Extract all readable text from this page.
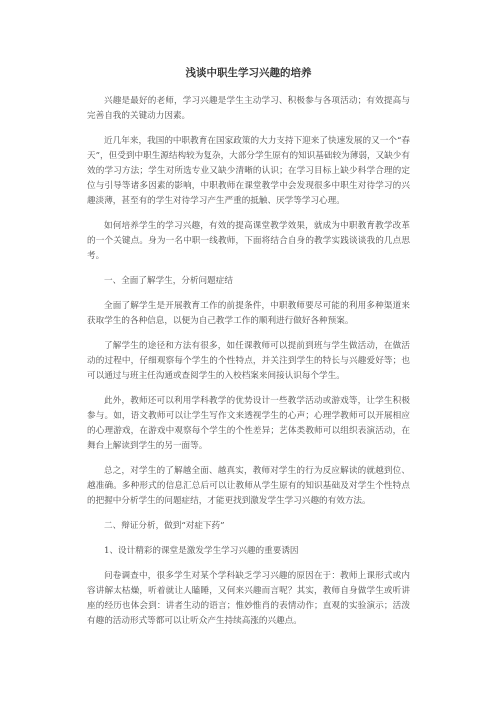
浅谈中职生学习兴趣的培养

兴趣是最好的老师，学习兴趣是学生主动学习、积极参与各项活动；有效提高与完善自我的关键动力因素。

近几年来，我国的中职教育在国家政策的大力支持下迎来了快速发展的又一个“春天”，但受到中职生源结构较为复杂，大部分学生原有的知识基础较为薄弱，又缺少有效的学习方法；学生对所选专业又缺少清晰的认识；在学习目标上缺少科学合理的定位与引导等诸多因素的影响，中职教师在课堂教学中会发现很多中职生对待学习的兴趣淡薄，甚至有的学生对待学习产生严重的抵触、厌学等学习心理。

如何培养学生的学习兴趣，有效的提高课堂教学效果，就成为中职教育教学改革的一个关键点。身为一名中职一线教师，下面将结合自身的教学实践谈谈我的几点思考。

一、全面了解学生，分析问题症结

全面了解学生是开展教育工作的前提条件，中职教师要尽可能的利用多种渠道来获取学生的各种信息，以便为自己教学工作的顺利进行做好各种预案。

了解学生的途径和方法有很多，如任课教师可以提前到班与学生做活动，在做活动的过程中，仔细观察每个学生的个性特点，并关注到学生的特长与兴趣爱好等；也可以通过与班主任沟通或查阅学生的入校档案来间接认识每个学生。

此外，教师还可以利用学科教学的优势设计一些教学活动或游戏等，让学生积极参与。如，语文教师可以让学生写作文来透视学生的心声；心理学教师可以开展相应的心理游戏，在游戏中观察每个学生的个性差异；艺体类教师可以组织表演活动，在舞台上解读到学生的另一面等。

总之，对学生的了解越全面、越真实，教师对学生的行为反应解读的就越到位、越准确。多种形式的信息汇总后可以让教师从学生原有的知识基础及对学生个性特点的把握中分析学生的问题症结，才能更找到激发学生学习兴趣的有效方法。

二、辩证分析，做到“对症下药”

1、设计精彩的课堂是激发学生学习兴趣的重要诱因

问卷调查中，很多学生对某个学科缺乏学习兴趣的原因在于：教师上课形式或内容讲解太枯燥，听着就让人瞌睡，又何来兴趣而言呢？其实，教师自身做学生或听讲座的经历也体会到：讲者生动的语言；惟妙惟肖的表情动作；直观的实验演示；活泼有趣的活动形式等都可以让听众产生持续高涨的兴趣点。
